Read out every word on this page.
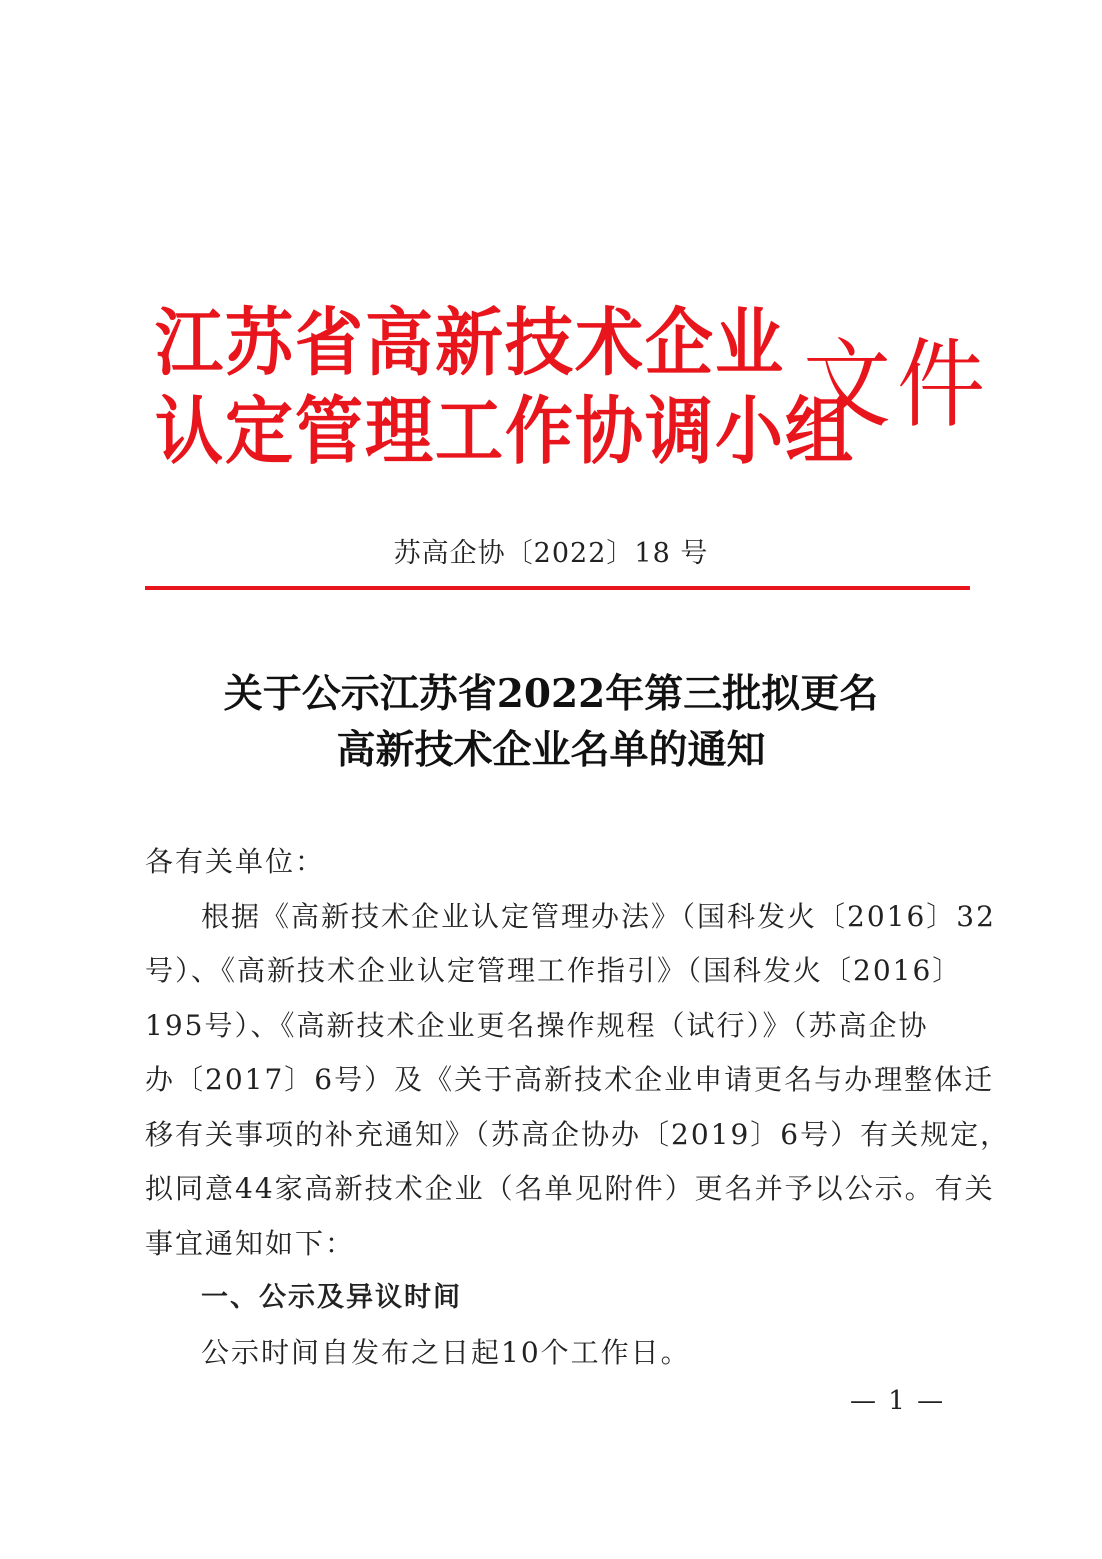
江苏省高新技术企业
认定管理工作协调小组
文件
苏高企协〔2022〕18 号
关于公示江苏省2022年第三批拟更名
高新技术企业名单的通知
各有关单位：

根据《高新技术企业认定管理办法》（国科发火〔2016〕32
号）、《高新技术企业认定管理工作指引》（国科发火〔2016〕
195号）、《高新技术企业更名操作规程（试行）》（苏高企协
办〔2017〕6号）及《关于高新技术企业申请更名与办理整体迁
移有关事项的补充通知》（苏高企协办〔2019〕6号）有关规定，
拟同意44家高新技术企业（名单见附件）更名并予以公示。有关
事宜通知如下：

一、公示及异议时间
公示时间自发布之日起10个工作日。
— 1 —
